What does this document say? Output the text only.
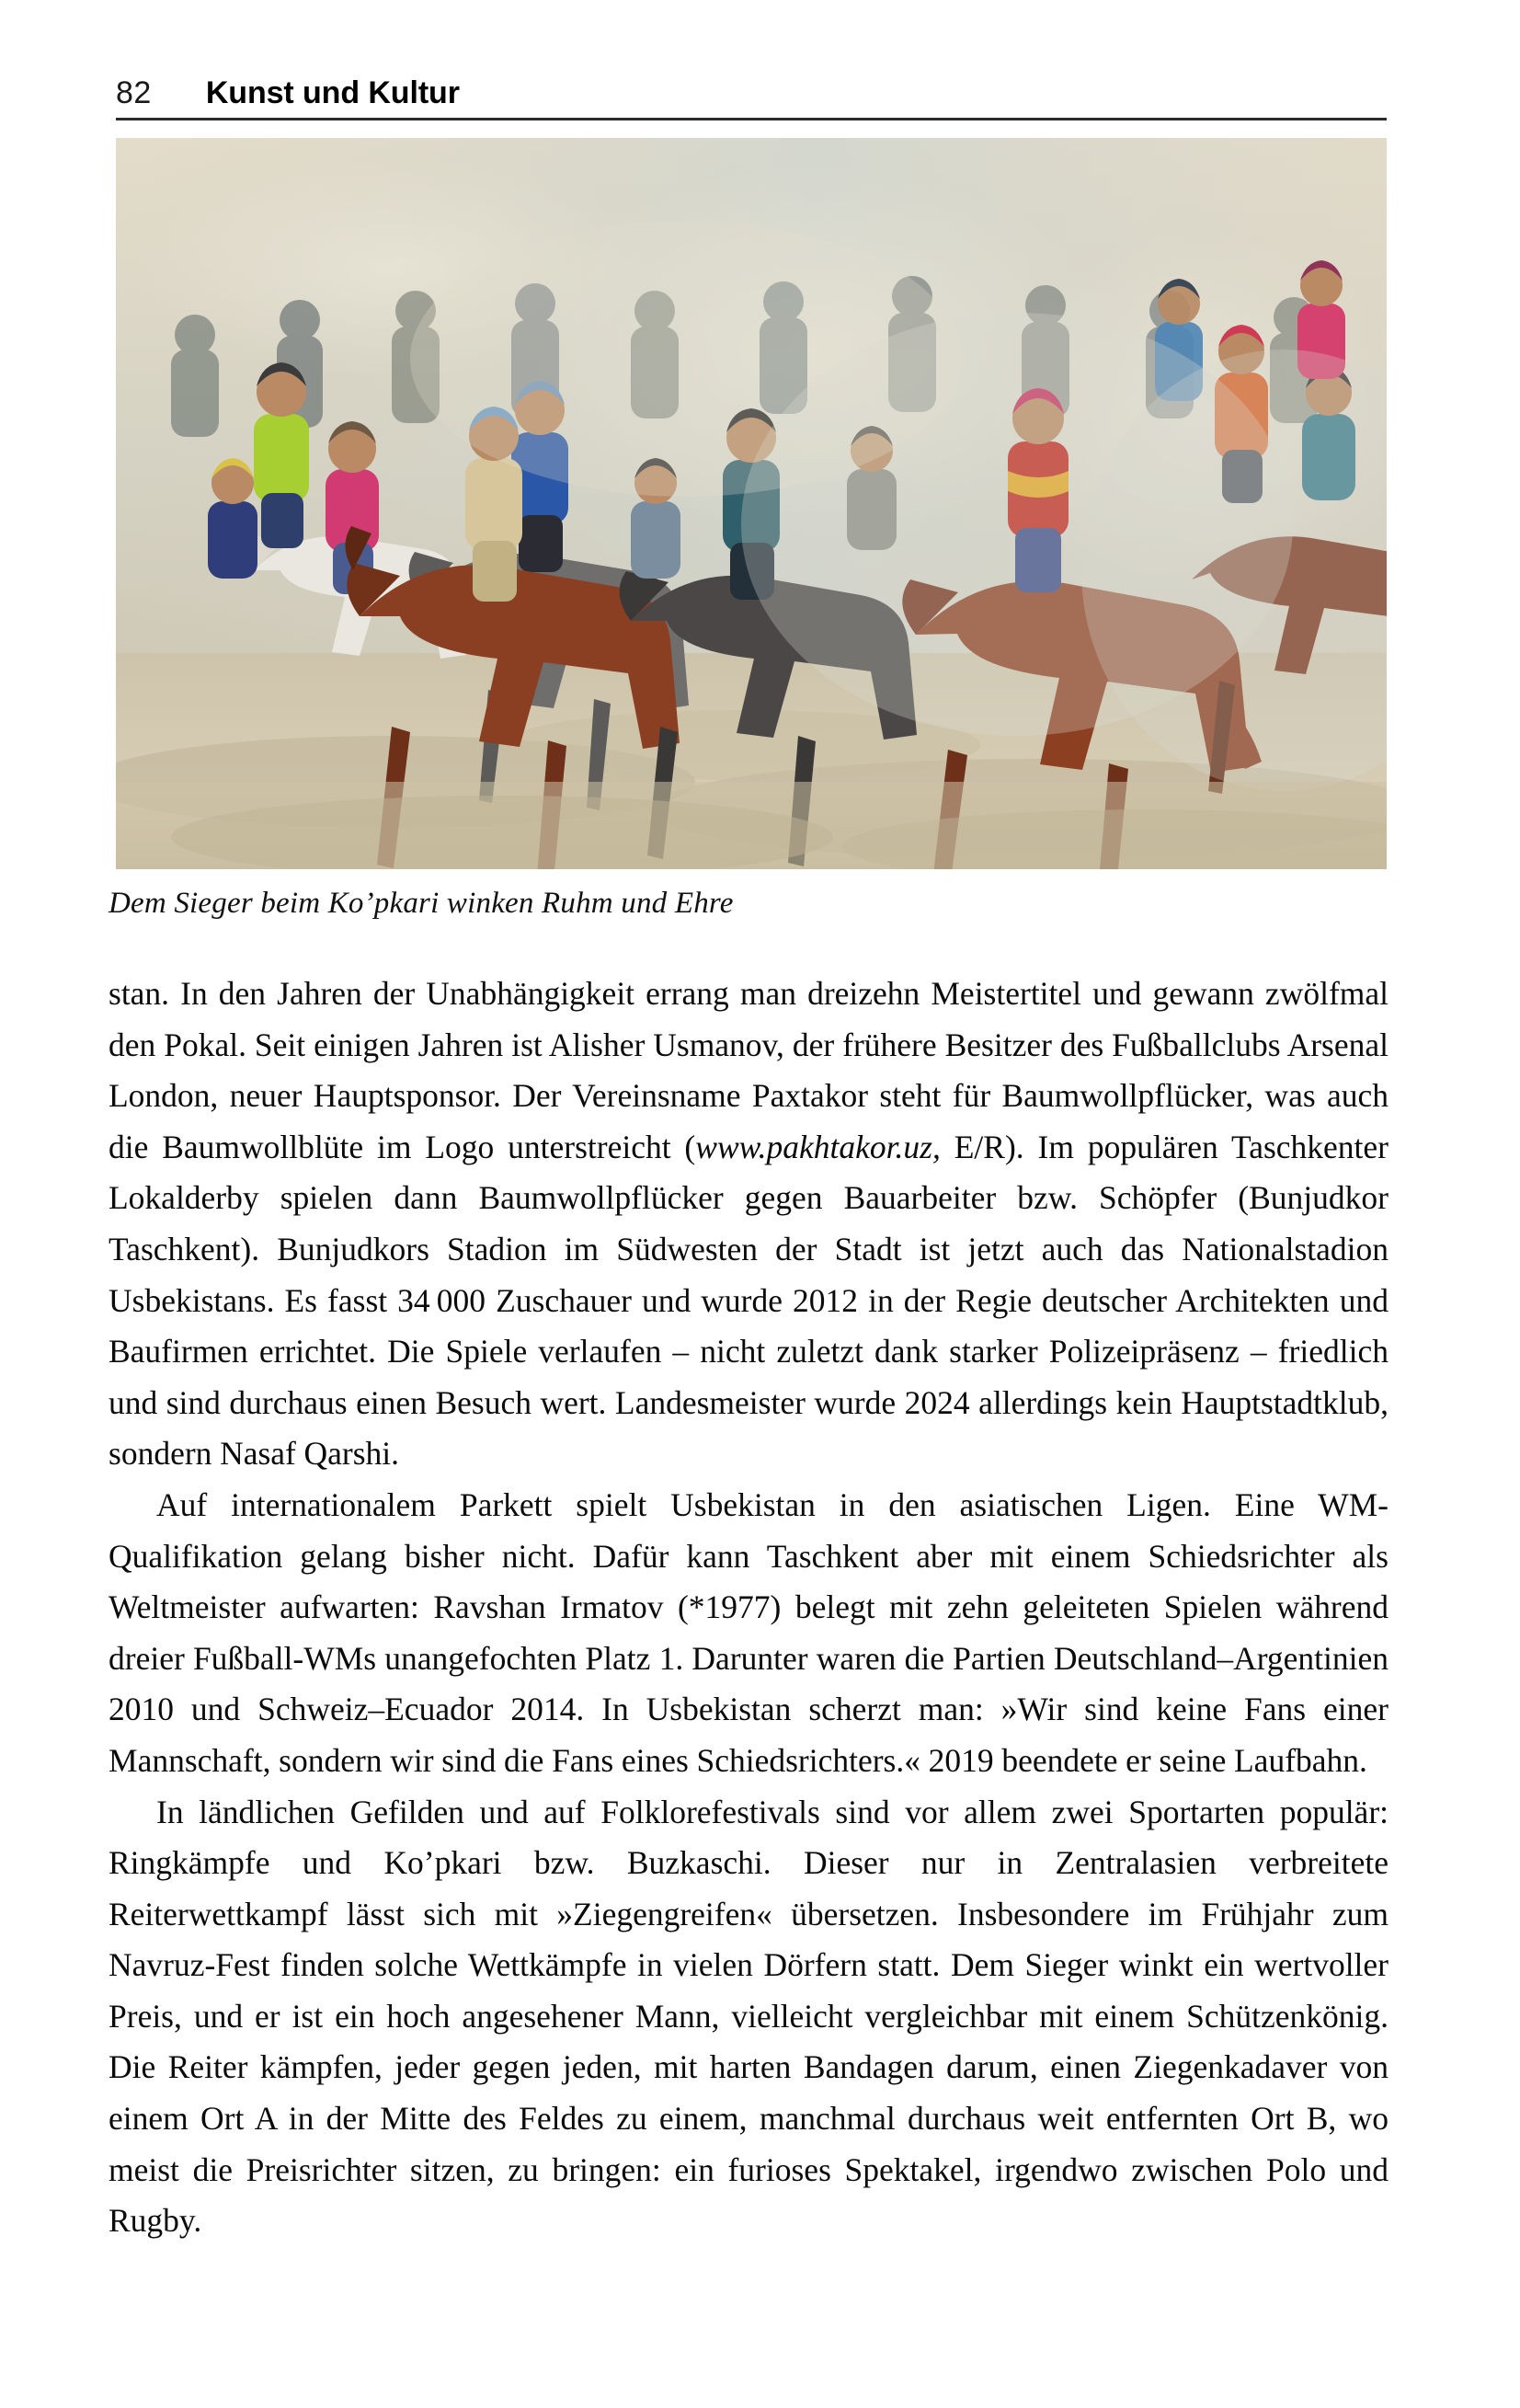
82 Kunst und Kultur
Dem Sieger beim Ko’pkari winken Ruhm und Ehre

stan. In den Jahren der Unabhängigkeit errang man dreizehn Meistertitel und gewann zwölfmal den Pokal. Seit einigen Jahren ist Alisher Usmanov, der frühere Besitzer des Fußballclubs Arsenal London, neuer Hauptsponsor. Der Vereinsname Paxtakor steht für Baumwollpflücker, was auch die Baumwollblüte im Logo unterstreicht (www.pakhtakor.uz, E/R). Im populären Taschkenter Lokalderby spielen dann Baumwollpflücker gegen Bauarbeiter bzw. Schöpfer (Bunjudkor Taschkent). Bunjudkors Stadion im Südwesten der Stadt ist jetzt auch das Nationalstadion Usbekistans. Es fasst 34 000 Zuschauer und wurde 2012 in der Regie deutscher Architekten und Baufirmen errichtet. Die Spiele verlaufen – nicht zuletzt dank starker Polizeipräsenz – friedlich und sind durchaus einen Besuch wert. Landesmeister wurde 2024 allerdings kein Hauptstadtklub, sondern Nasaf Qarshi.

Auf internationalem Parkett spielt Usbekistan in den asiatischen Ligen. Eine WM-Qualifikation gelang bisher nicht. Dafür kann Taschkent aber mit einem Schiedsrichter als Weltmeister aufwarten: Ravshan Irmatov (*1977) belegt mit zehn geleiteten Spielen während dreier Fußball-WMs unangefochten Platz 1. Darunter waren die Partien Deutschland–Argentinien 2010 und Schweiz–Ecuador 2014. In Usbekistan scherzt man: »Wir sind keine Fans einer Mannschaft, sondern wir sind die Fans eines Schiedsrichters.« 2019 beendete er seine Laufbahn.

In ländlichen Gefilden und auf Folklorefestivals sind vor allem zwei Sportarten populär: Ringkämpfe und Ko’pkari bzw. Buzkaschi. Dieser nur in Zentralasien verbreitete Reiterwettkampf lässt sich mit »Ziegengreifen« übersetzen. Insbesondere im Frühjahr zum Navruz-Fest finden solche Wettkämpfe in vielen Dörfern statt. Dem Sieger winkt ein wertvoller Preis, und er ist ein hoch angesehener Mann, vielleicht vergleichbar mit einem Schützenkönig. Die Reiter kämpfen, jeder gegen jeden, mit harten Bandagen darum, einen Ziegenkadaver von einem Ort A in der Mitte des Feldes zu einem, manchmal durchaus weit entfernten Ort B, wo meist die Preisrichter sitzen, zu bringen: ein furioses Spektakel, irgendwo zwischen Polo und Rugby.
